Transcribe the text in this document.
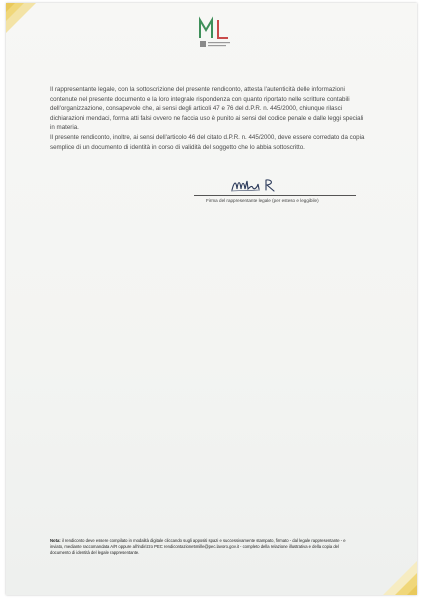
Il rappresentante legale, con la sottoscrizione del presente rendiconto, attesta l'autenticità delle informazioni contenute nel presente documento e la loro integrale rispondenza con quanto riportato nelle scritture contabili dell'organizzazione, consapevole che, ai sensi degli articoli 47 e 76 del d.P.R. n. 445/2000, chiunque rilasci dichiarazioni mendaci, forma atti falsi ovvero ne faccia uso è punito ai sensi del codice penale e dalle leggi speciali in materia.

Il presente rendiconto, inoltre, ai sensi dell'articolo 46 del citato d.P.R. n. 445/2000, deve essere corredato da copia semplice di un documento di identità in corso di validità del soggetto che lo abbia sottoscritto.

Firma del rappresentante legale (per esteso e leggibile)
Nota: il rendiconto deve essere compilato in modalità digitale cliccando sugli appositi spazi e successivamente stampato, firmato - dal legale rappresentante - e inviato, mediante raccomandata A/R oppure all'indirizzo PEC rendicontazione5mille@pec.lavoro.gov.it - completo della relazione illustrativa e della copia del documento di identità del legale rappresentante.
